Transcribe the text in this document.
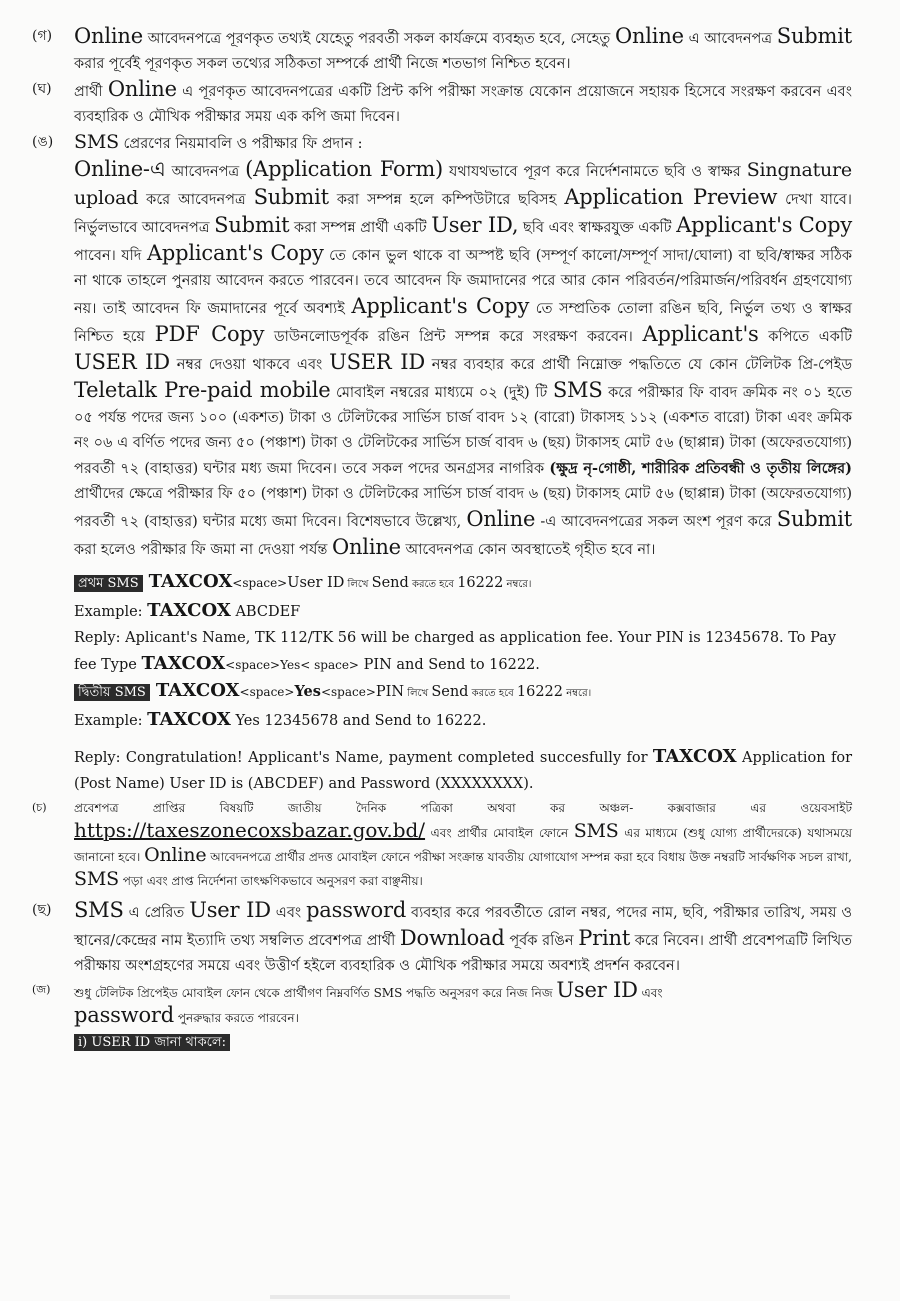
(গ)	Online আবেদনপত্রে পূরণকৃত তথ্যই যেহেতু পরবর্তী সকল কার্যক্রমে ব্যবহৃত হবে, সেহেতু Online এ আবেদনপত্র Submit করার পূর্বেই পূরণকৃত সকল তথ্যের সঠিকতা সম্পর্কে প্রার্থী নিজে শতভাগ নিশ্চিত হবেন।
(ঘ)	প্রার্থী Online এ পূরণকৃত আবেদনপত্রের একটি প্রিন্ট কপি পরীক্ষা সংক্রান্ত যেকোন প্রয়োজনে সহায়ক হিসেবে সংরক্ষণ করবেন এবং ব্যবহারিক ও মৌখিক পরীক্ষার সময় এক কপি জমা দিবেন।
(ঙ)	SMS প্রেরণের নিয়মাবলি ও পরীক্ষার ফি প্রদান :
Online-এ আবেদনপত্র (Application Form) যথাযথভাবে পূরণ করে নির্দেশনামতে ছবি ও স্বাক্ষর Singnature upload করে আবেদনপত্র Submit করা সম্পন্ন হলে কম্পিউটারে ছবিসহ Application Preview দেখা যাবে। নির্ভুলভাবে আবেদনপত্র Submit করা সম্পন্ন প্রার্থী একটি User ID, ছবি এবং স্বাক্ষরযুক্ত একটি Applicant's Copy পাবেন। যদি Applicant's Copy তে কোন ভুল থাকে বা অস্পষ্ট ছবি (সম্পূর্ণ কালো/সম্পূর্ণ সাদা/ঘোলা) বা ছবি/স্বাক্ষর সঠিক না থাকে তাহলে পুনরায় আবেদন করতে পারবেন। তবে আবেদন ফি জমাদানের পরে আর কোন পরিবর্তন/পরিমার্জন/পরিবর্ধন গ্রহণযোগ্য নয়। তাই আবেদন ফি জমাদানের পূর্বে অবশ্যই Applicant's Copy তে সম্প্রতিক তোলা রঙিন ছবি, নির্ভুল তথ্য ও স্বাক্ষর নিশ্চিত হয়ে PDF Copy ডাউনলোডপূর্বক রঙিন প্রিন্ট সম্পন্ন করে সংরক্ষণ করবেন। Applicant's কপিতে একটি USER ID নম্বর দেওয়া থাকবে এবং USER ID নম্বর ব্যবহার করে প্রার্থী নিম্নোক্ত পদ্ধতিতে যে কোন টেলিটক প্রি-পেইড Teletalk Pre-paid mobile মোবাইল নম্বরের মাধ্যমে ০২ (দুই) টি SMS করে পরীক্ষার ফি বাবদ ক্রমিক নং ০১ হতে ০৫ পর্যন্ত পদের জন্য ১০০ (একশত) টাকা ও টেলিটকের সার্ভিস চার্জ বাবদ ১২ (বারো) টাকাসহ ১১২ (একশত বারো) টাকা এবং ক্রমিক নং ০৬ এ বর্ণিত পদের জন্য ৫০ (পঞ্চাশ) টাকা ও টেলিটকের সার্ভিস চার্জ বাবদ ৬ (ছয়) টাকাসহ মোট ৫৬ (ছাপ্পান্ন) টাকা (অফেরতযোগ্য) পরবর্তী ৭২ (বাহাত্তর) ঘন্টার মধ্য জমা দিবেন। তবে সকল পদের অনগ্রসর নাগরিক (ক্ষুদ্র নৃ-গোষ্ঠী, শারীরিক প্রতিবন্ধী ও তৃতীয় লিঙ্গের) প্রার্থীদের ক্ষেত্রে পরীক্ষার ফি ৫০ (পঞ্চাশ) টাকা ও টেলিটকের সার্ভিস চার্জ বাবদ ৬ (ছয়) টাকাসহ মোট ৫৬ (ছাপ্পান্ন) টাকা (অফেরতযোগ্য) পরবর্তী ৭২ (বাহাত্তর) ঘন্টার মধ্যে জমা দিবেন। বিশেষভাবে উল্লেখ্য, Online -এ আবেদনপত্রের সকল অংশ পূরণ করে Submit করা হলেও পরীক্ষার ফি জমা না দেওয়া পর্যন্ত Online আবেদনপত্র কোন অবস্থাতেই গৃহীত হবে না।
প্রথম SMS TAXCOX<space>User ID লিখে Send করতে হবে 16222 নম্বরে।
Example: TAXCOX ABCDEF
Reply: Aplicant's Name, TK 112/TK 56 will be charged as application fee. Your PIN is 12345678. To Pay fee Type TAXCOX<space>Yes< space> PIN and Send to 16222.
দ্বিতীয় SMS TAXCOX<space>Yes<space>PIN লিখে Send করতে হবে 16222 নম্বরে।
Example: TAXCOX Yes 12345678 and Send to 16222.
Reply: Congratulation! Applicant's Name, payment completed succesfully for TAXCOX Application for (Post Name) User ID is (ABCDEF) and Password (XXXXXXXX).
(চ)	প্রবেশপত্র প্রাপ্তির বিষয়টি জাতীয় দৈনিক পত্রিকা অথবা কর অঞ্চল- কক্সবাজার এর ওয়েবসাইট
https://taxeszonecoxsbazar.gov.bd/ এবং প্রার্থীর মোবাইল ফোনে SMS এর মাধ্যমে (শুধু যোগ্য প্রার্থীদেরকে) যথাসময়ে জানানো হবে। Online আবেদনপত্রে প্রার্থীর প্রদত্ত মোবাইল ফোনে পরীক্ষা সংক্রান্ত যাবতীয় যোগাযোগ সম্পন্ন করা হবে বিধায় উক্ত নম্বরটি সার্বক্ষণিক সচল রাখা, SMS পড়া এবং প্রাপ্ত নির্দেশনা তাৎক্ষণিকভাবে অনুসরণ করা বাঞ্ছনীয়।
(ছ)	SMS এ প্রেরিত User ID এবং password ব্যবহার করে পরবর্তীতে রোল নম্বর, পদের নাম, ছবি, পরীক্ষার তারিখ, সময় ও স্থানের/কেন্দ্রের নাম ইত্যাদি তথ্য সম্বলিত প্রবেশপত্র প্রার্থী Download পূর্বক রঙিন Print করে নিবেন। প্রার্থী প্রবেশপত্রটি লিখিত পরীক্ষায় অংশগ্রহণের সময়ে এবং উত্তীর্ণ হইলে ব্যবহারিক ও মৌখিক পরীক্ষার সময়ে অবশ্যই প্রদর্শন করবেন।
(জ)	শুধু টেলিটক প্রিপেইড মোবাইল ফোন থেকে প্রার্থীগণ নিম্নবর্ণিত SMS পদ্ধতি অনুসরণ করে নিজ নিজ User ID এবং
password পুনরুদ্ধার করতে পারবেন।
i) USER ID জানা থাকলে:
